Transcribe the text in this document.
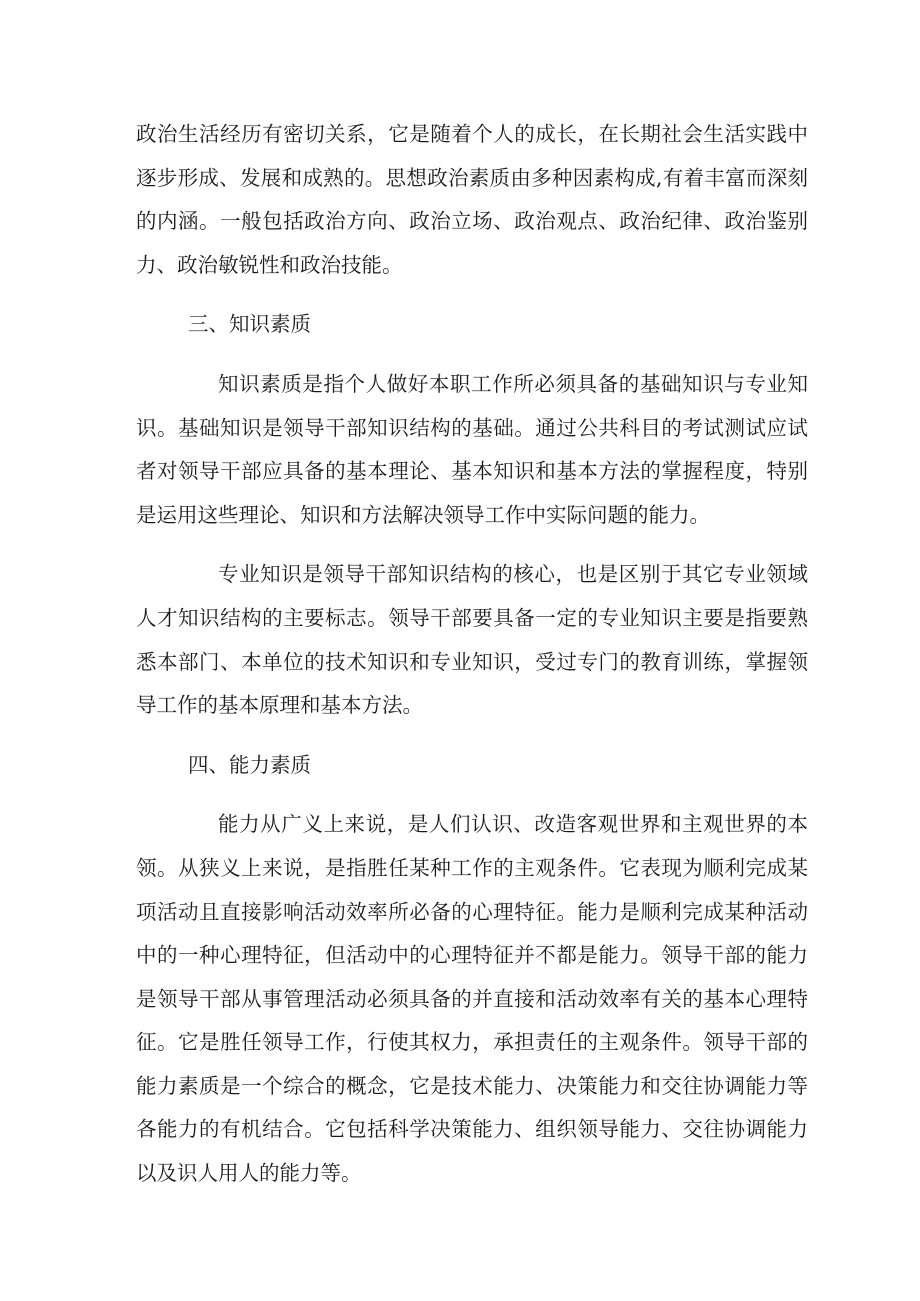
政治生活经历有密切关系，它是随着个人的成长，在长期社会生活实践中逐步形成、发展和成熟的。思想政治素质由多种因素构成,有着丰富而深刻的内涵。一般包括政治方向、政治立场、政治观点、政治纪律、政治鉴别力、政治敏锐性和政治技能。

三、知识素质

知识素质是指个人做好本职工作所必须具备的基础知识与专业知识。基础知识是领导干部知识结构的基础。通过公共科目的考试测试应试者对领导干部应具备的基本理论、基本知识和基本方法的掌握程度，特别是运用这些理论、知识和方法解决领导工作中实际问题的能力。

专业知识是领导干部知识结构的核心，也是区别于其它专业领域人才知识结构的主要标志。领导干部要具备一定的专业知识主要是指要熟悉本部门、本单位的技术知识和专业知识，受过专门的教育训练，掌握领导工作的基本原理和基本方法。

四、能力素质

能力从广义上来说，是人们认识、改造客观世界和主观世界的本领。从狭义上来说，是指胜任某种工作的主观条件。它表现为顺利完成某项活动且直接影响活动效率所必备的心理特征。能力是顺利完成某种活动中的一种心理特征，但活动中的心理特征并不都是能力。领导干部的能力是领导干部从事管理活动必须具备的并直接和活动效率有关的基本心理特征。它是胜任领导工作，行使其权力，承担责任的主观条件。领导干部的能力素质是一个综合的概念，它是技术能力、决策能力和交往协调能力等各能力的有机结合。它包括科学决策能力、组织领导能力、交往协调能力以及识人用人的能力等。
